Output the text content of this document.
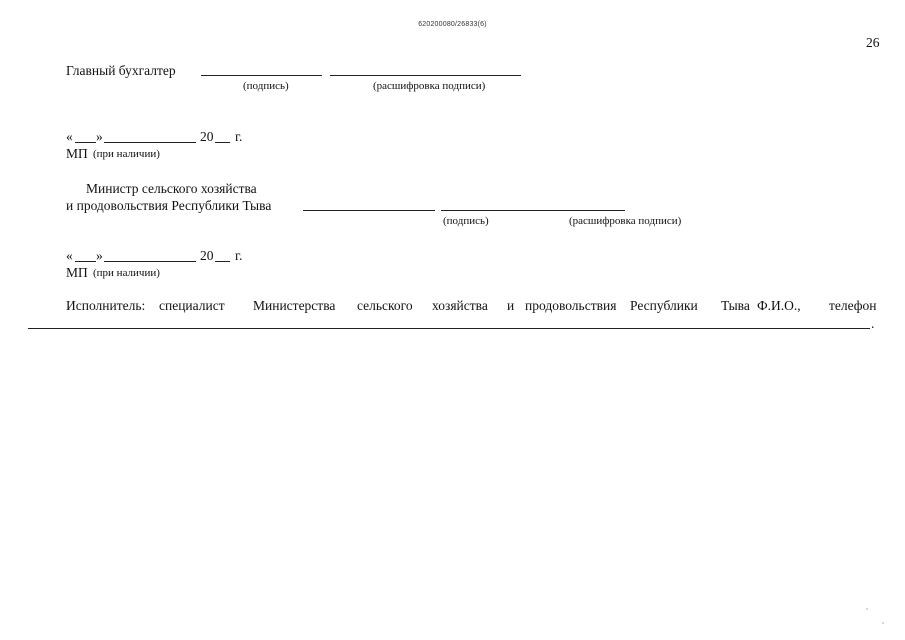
620200080/26833(6)
26
Главный бухгалтер
(подпись)	(расшифровка подписи)
« »	20 г.
МП (при наличии)
Министр сельского хозяйства
и продовольствия Республики Тыва
(подпись)	(расшифровка подписи)
« »	20 г.
МП (при наличии)
Исполнитель: специалист Министерства сельского хозяйства и продовольствия Республики Тыва Ф.И.О., телефон
.
